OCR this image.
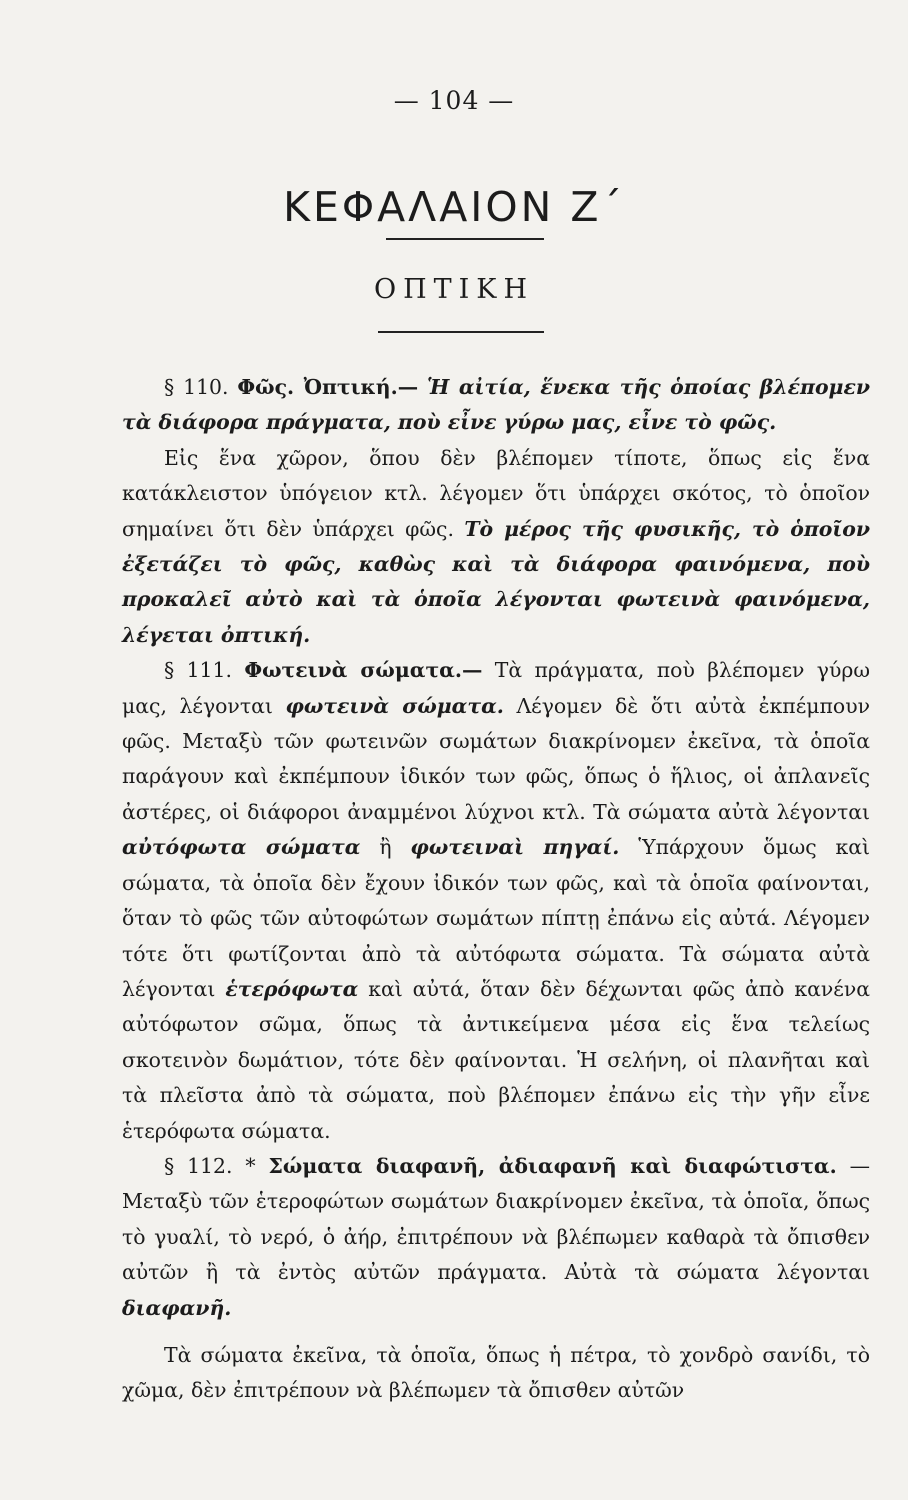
— 104 —
ΚΕΦΑΛΑΙΟΝ Ζ΄
ΟΠΤΙΚΗ

§ 110. Φῶς. Ὀπτική.— Ἡ αἰτία, ἕνεκα τῆς ὁποίας βλέπομεν τὰ διάφορα πράγματα, ποὺ εἶνε γύρω μας, εἶνε τὸ φῶς.

Εἰς ἕνα χῶρον, ὅπου δὲν βλέπομεν τίποτε, ὅπως εἰς ἕνα κατάκλειστον ὑπόγειον κτλ. λέγομεν ὅτι ὑπάρχει σκότος, τὸ ὁποῖον σημαίνει ὅτι δὲν ὑπάρχει φῶς. Τὸ μέρος τῆς φυσικῆς, τὸ ὁποῖον ἐξετάζει τὸ φῶς, καθὼς καὶ τὰ διάφορα φαινόμενα, ποὺ προκαλεῖ αὐτὸ καὶ τὰ ὁποῖα λέγονται φωτεινὰ φαινόμενα, λέγεται ὀπτική.

§ 111. Φωτεινὰ σώματα.— Τὰ πράγματα, ποὺ βλέπομεν γύρω μας, λέγονται φωτεινὰ σώματα. Λέγομεν δὲ ὅτι αὐτὰ ἐκπέμπουν φῶς. Μεταξὺ τῶν φωτεινῶν σωμάτων διακρίνομεν ἐκεῖνα, τὰ ὁποῖα παράγουν καὶ ἐκπέμπουν ἰδικόν των φῶς, ὅπως ὁ ἥλιος, οἱ ἀπλανεῖς ἀστέρες, οἱ διάφοροι ἀναμμένοι λύχνοι κτλ. Τὰ σώματα αὐτὰ λέγονται αὐτόφωτα σώματα ἢ φωτειναὶ πηγαί. Ὑπάρχουν ὅμως καὶ σώματα, τὰ ὁποῖα δὲν ἔχουν ἰδικόν των φῶς, καὶ τὰ ὁποῖα φαίνονται, ὅταν τὸ φῶς τῶν αὐτοφώτων σωμάτων πίπτῃ ἐπάνω εἰς αὐτά. Λέγομεν τότε ὅτι φωτίζονται ἀπὸ τὰ αὐτόφωτα σώματα. Τὰ σώματα αὐτὰ λέγονται ἑτερόφωτα καὶ αὐτά, ὅταν δὲν δέχωνται φῶς ἀπὸ κανένα αὐτόφωτον σῶμα, ὅπως τὰ ἀντικείμενα μέσα εἰς ἕνα τελείως σκοτεινὸν δωμάτιον, τότε δὲν φαίνονται. Ἡ σελήνη, οἱ πλανῆται καὶ τὰ πλεῖστα ἀπὸ τὰ σώματα, ποὺ βλέπομεν ἐπάνω εἰς τὴν γῆν εἶνε ἑτερόφωτα σώματα.

§ 112. * Σώματα διαφανῆ, ἀδιαφανῆ καὶ διαφώτιστα. —Μεταξὺ τῶν ἑτεροφώτων σωμάτων διακρίνομεν ἐκεῖνα, τὰ ὁποῖα, ὅπως τὸ γυαλί, τὸ νερό, ὁ ἀήρ, ἐπιτρέπουν νὰ βλέπωμεν καθαρὰ τὰ ὄπισθεν αὐτῶν ἢ τὰ ἐντὸς αὐτῶν πράγματα. Αὐτὰ τὰ σώματα λέγονται διαφανῆ.

Τὰ σώματα ἐκεῖνα, τὰ ὁποῖα, ὅπως ἡ πέτρα, τὸ χονδρὸ σανίδι, τὸ χῶμα, δὲν ἐπιτρέπουν νὰ βλέπωμεν τὰ ὄπισθεν αὐτῶν
